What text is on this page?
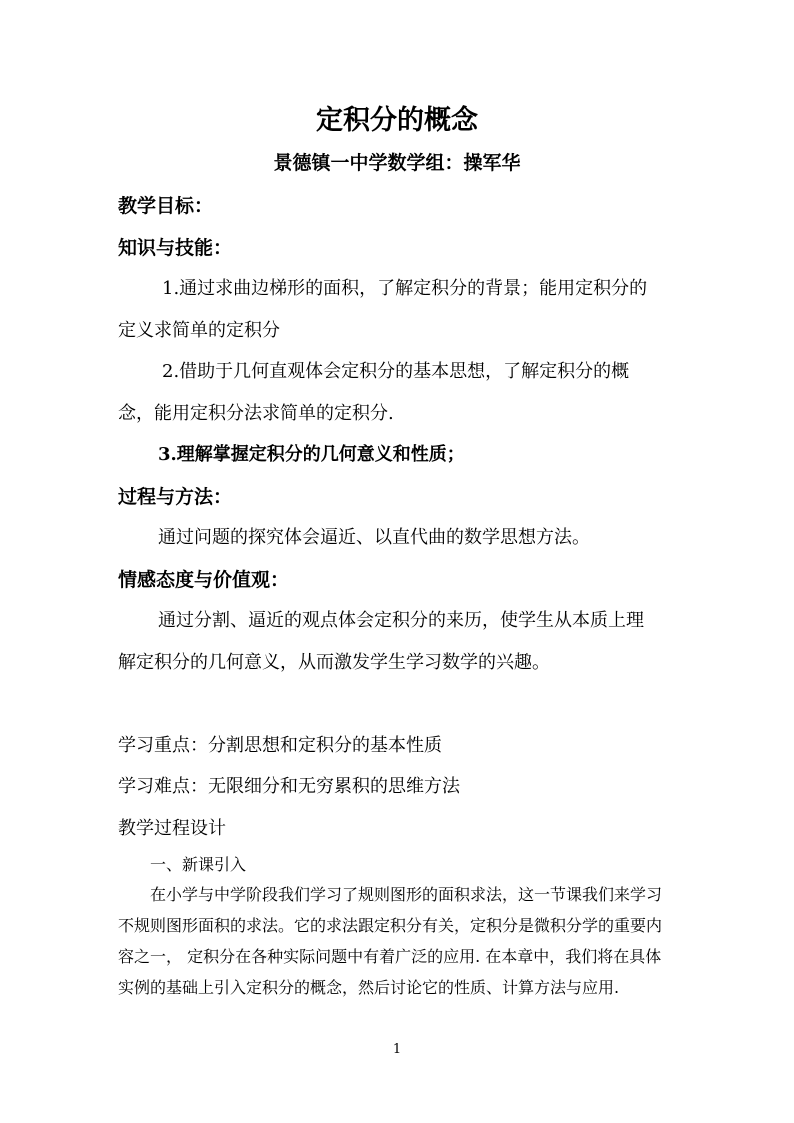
定积分的概念
景德镇一中学数学组：操军华
教学目标：
知识与技能：
1.通过求曲边梯形的面积，了解定积分的背景；能用定积分的
定义求简单的定积分
2.借助于几何直观体会定积分的基本思想，了解定积分的概
念，能用定积分法求简单的定积分.
3.理解掌握定积分的几何意义和性质；
过程与方法：
通过问题的探究体会逼近、以直代曲的数学思想方法。
情感态度与价值观：
通过分割、逼近的观点体会定积分的来历，使学生从本质上理
解定积分的几何意义，从而激发学生学习数学的兴趣。
学习重点：分割思想和定积分的基本性质
学习难点：无限细分和无穷累积的思维方法
教学过程设计
一、新课引入
在小学与中学阶段我们学习了规则图形的面积求法，这一节课我们来学习
不规则图形面积的求法。它的求法跟定积分有关，定积分是微积分学的重要内
容之一， 定积分在各种实际问题中有着广泛的应用. 在本章中，我们将在具体
实例的基础上引入定积分的概念，然后讨论它的性质、计算方法与应用.
1
